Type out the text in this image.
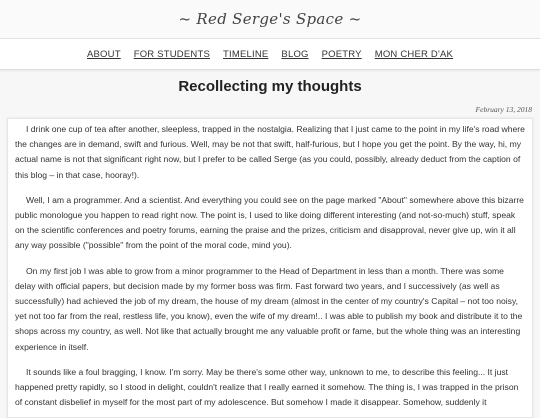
~ Red Serge's Space ~
ABOUT FOR STUDENTS TIMELINE BLOG POETRY MON CHER D'AK
Recollecting my thoughts
February 13, 2018

I drink one cup of tea after another, sleepless, trapped in the nostalgia. Realizing that I just came to the point in my life's road where the changes are in demand, swift and furious. Well, may be not that swift, half-furious, but I hope you get the point. By the way, hi, my actual name is not that significant right now, but I prefer to be called Serge (as you could, possibly, already deduct from the caption of this blog – in that case, hooray!).

Well, I am a programmer. And a scientist. And everything you could see on the page marked "About" somewhere above this bizarre public monologue you happen to read right now. The point is, I used to like doing different interesting (and not-so-much) stuff, speak on the scientific conferences and poetry forums, earning the praise and the prizes, criticism and disapproval, never give up, win it all any way possible ("possible" from the point of the moral code, mind you).

On my first job I was able to grow from a minor programmer to the Head of Department in less than a month. There was some delay with official papers, but decision made by my former boss was firm. Fast forward two years, and I successively (as well as successfully) had achieved the job of my dream, the house of my dream (almost in the center of my country's Capital – not too noisy, yet not too far from the real, restless life, you know), even the wife of my dream!.. I was able to publish my book and distribute it to the shops across my country, as well. Not like that actually brought me any valuable profit or fame, but the whole thing was an interesting experience in itself.

It sounds like a foul bragging, I know. I'm sorry. May be there's some other way, unknown to me, to describe this feeling... It just happened pretty rapidly, so I stood in delight, couldn't realize that I really earned it somehow. The thing is, I was trapped in the prison of constant disbelief in myself for the most part of my adolescence. But somehow I made it disappear. Somehow, suddenly it
